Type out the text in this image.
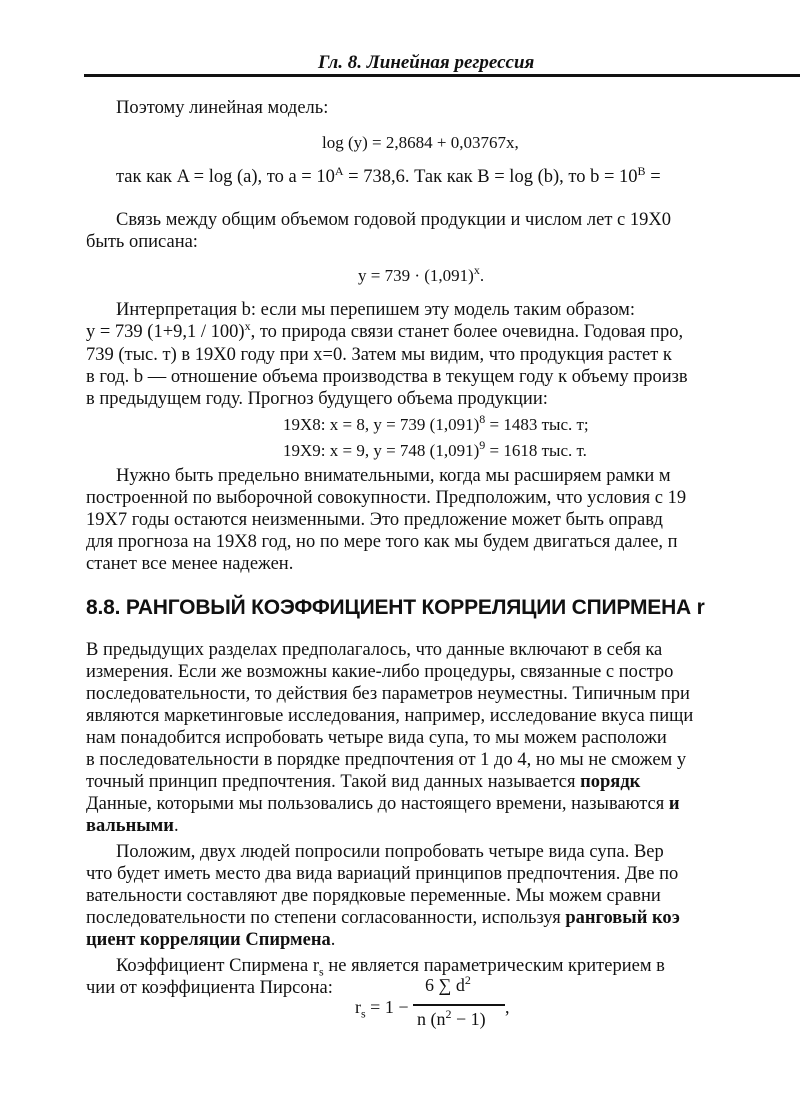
Гл. 8. Линейная регрессия
Поэтому линейная модель:
log (y) = 2,8684 + 0,03767x,
так как A = log (a), то $a = 10^A = 738,6$. Так как B = log (b), то $b = 10^B$ =
Связь между общим объемом годовой продукции и числом лет с 19X0
быть описана:
$y = 739 \cdot (1,091)^x$.
Интерпретация b: если мы перепишем эту модель таким образом:
y = 739 $(1+9,1 / 100)^x$, то природа связи станет более очевидна. Годовая про,
739 (тыс. т) в 19X0 году при x=0. Затем мы видим, что продукция растет к
в год. b — отношение объема производства в текущем году к объему произв
в предыдущем году. Прогноз будущего объема продукции:
19X8: x = 8, y = 739 $(1,091)^8 = 1483$ тыс. т;
19X9: x = 9, y = 748 $(1,091)^9 = 1618$ тыс. т.
Нужно быть предельно внимательными, когда мы расширяем рамки м
построенной по выборочной совокупности. Предположим, что условия с 19
19X7 годы остаются неизменными. Это предложение может быть оправд
для прогноза на 19X8 год, но по мере того как мы будем двигаться далее, п
станет все менее надежен.
8.8. РАНГОВЫЙ КОЭФФИЦИЕНТ КОРРЕЛЯЦИИ СПИРМЕНА r
В предыдущих разделах предполагалось, что данные включают в себя ка
измерения. Если же возможны какие-либо процедуры, связанные с постро
последовательности, то действия без параметров неуместны. Типичным при
являются маркетинговые исследования, например, исследование вкуса пищи
нам понадобится испробовать четыре вида супа, то мы можем расположи
в последовательности в порядке предпочтения от 1 до 4, но мы не сможем у
точный принцип предпочтения. Такой вид данных называется порядк
Данные, которыми мы пользовались до настоящего времени, называются и
вальными.
Положим, двух людей попросили попробовать четыре вида супа. Вер
что будет иметь место два вида вариаций принципов предпочтения. Две по
вательности составляют две порядковые переменные. Мы можем сравни
последовательности по степени согласованности, используя ранговый коэ
циент корреляции Спирмена.
Коэффициент Спирмена $r_s$ не является параметрическим критерием в
чии от коэффициента Пирсона:
$r_s = 1$ −
6 ∑ $d^2$
n $(n^2 - 1)$
,
